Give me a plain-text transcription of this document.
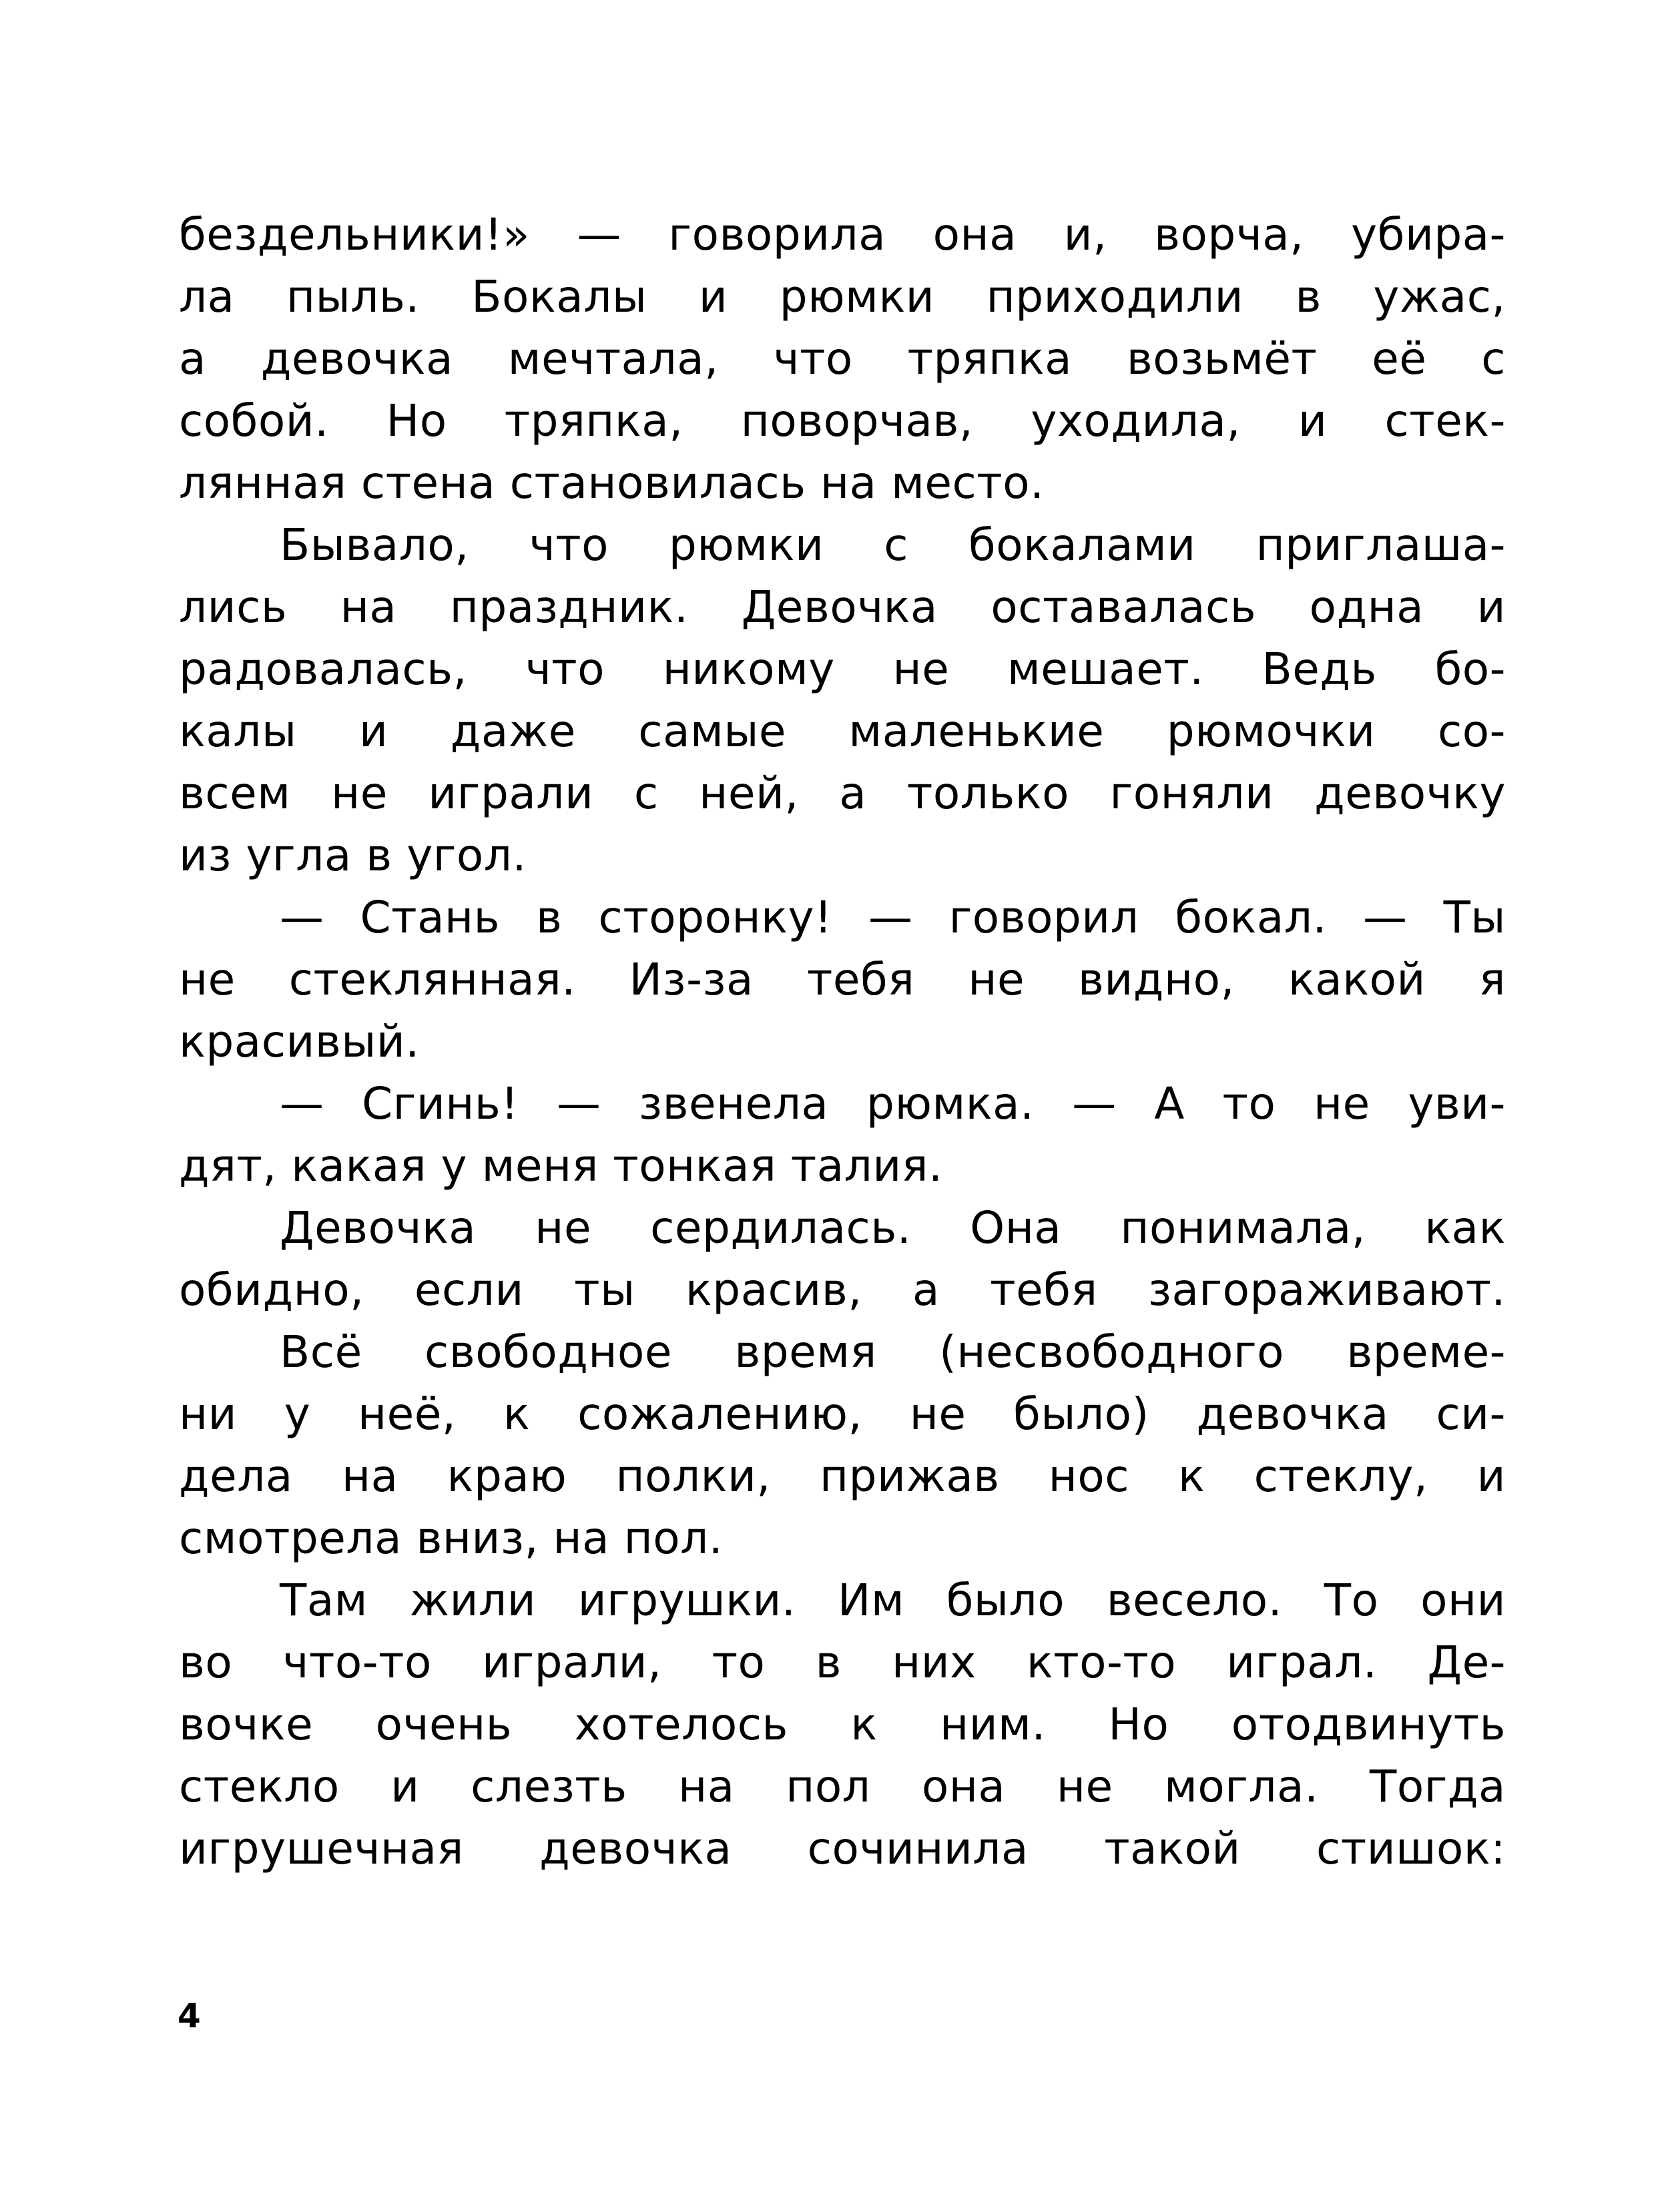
бездельники!» — говорила она и, ворча, убира-
ла пыль. Бокалы и рюмки приходили в ужас,
а девочка мечтала, что тряпка возьмёт её с
собой. Но тряпка, поворчав, уходила, и стек-
лянная стена становилась на место.
Бывало, что рюмки с бокалами приглаша-
лись на праздник. Девочка оставалась одна и
радовалась, что никому не мешает. Ведь бо-
калы и даже самые маленькие рюмочки со-
всем не играли с ней, а только гоняли девочку
из угла в угол.
— Стань в сторонку! — говорил бокал. — Ты
не стеклянная. Из-за тебя не видно, какой я
красивый.
— Сгинь! — звенела рюмка. — А то не уви-
дят, какая у меня тонкая талия.
Девочка не сердилась. Она понимала, как
обидно, если ты красив, а тебя загораживают.
Всё свободное время (несвободного време-
ни у неё, к сожалению, не было) девочка си-
дела на краю полки, прижав нос к стеклу, и
смотрела вниз, на пол.
Там жили игрушки. Им было весело. То они
во что-то играли, то в них кто-то играл. Де-
вочке очень хотелось к ним. Но отодвинуть
стекло и слезть на пол она не могла. Тогда
игрушечная девочка сочинила такой стишок:
4
